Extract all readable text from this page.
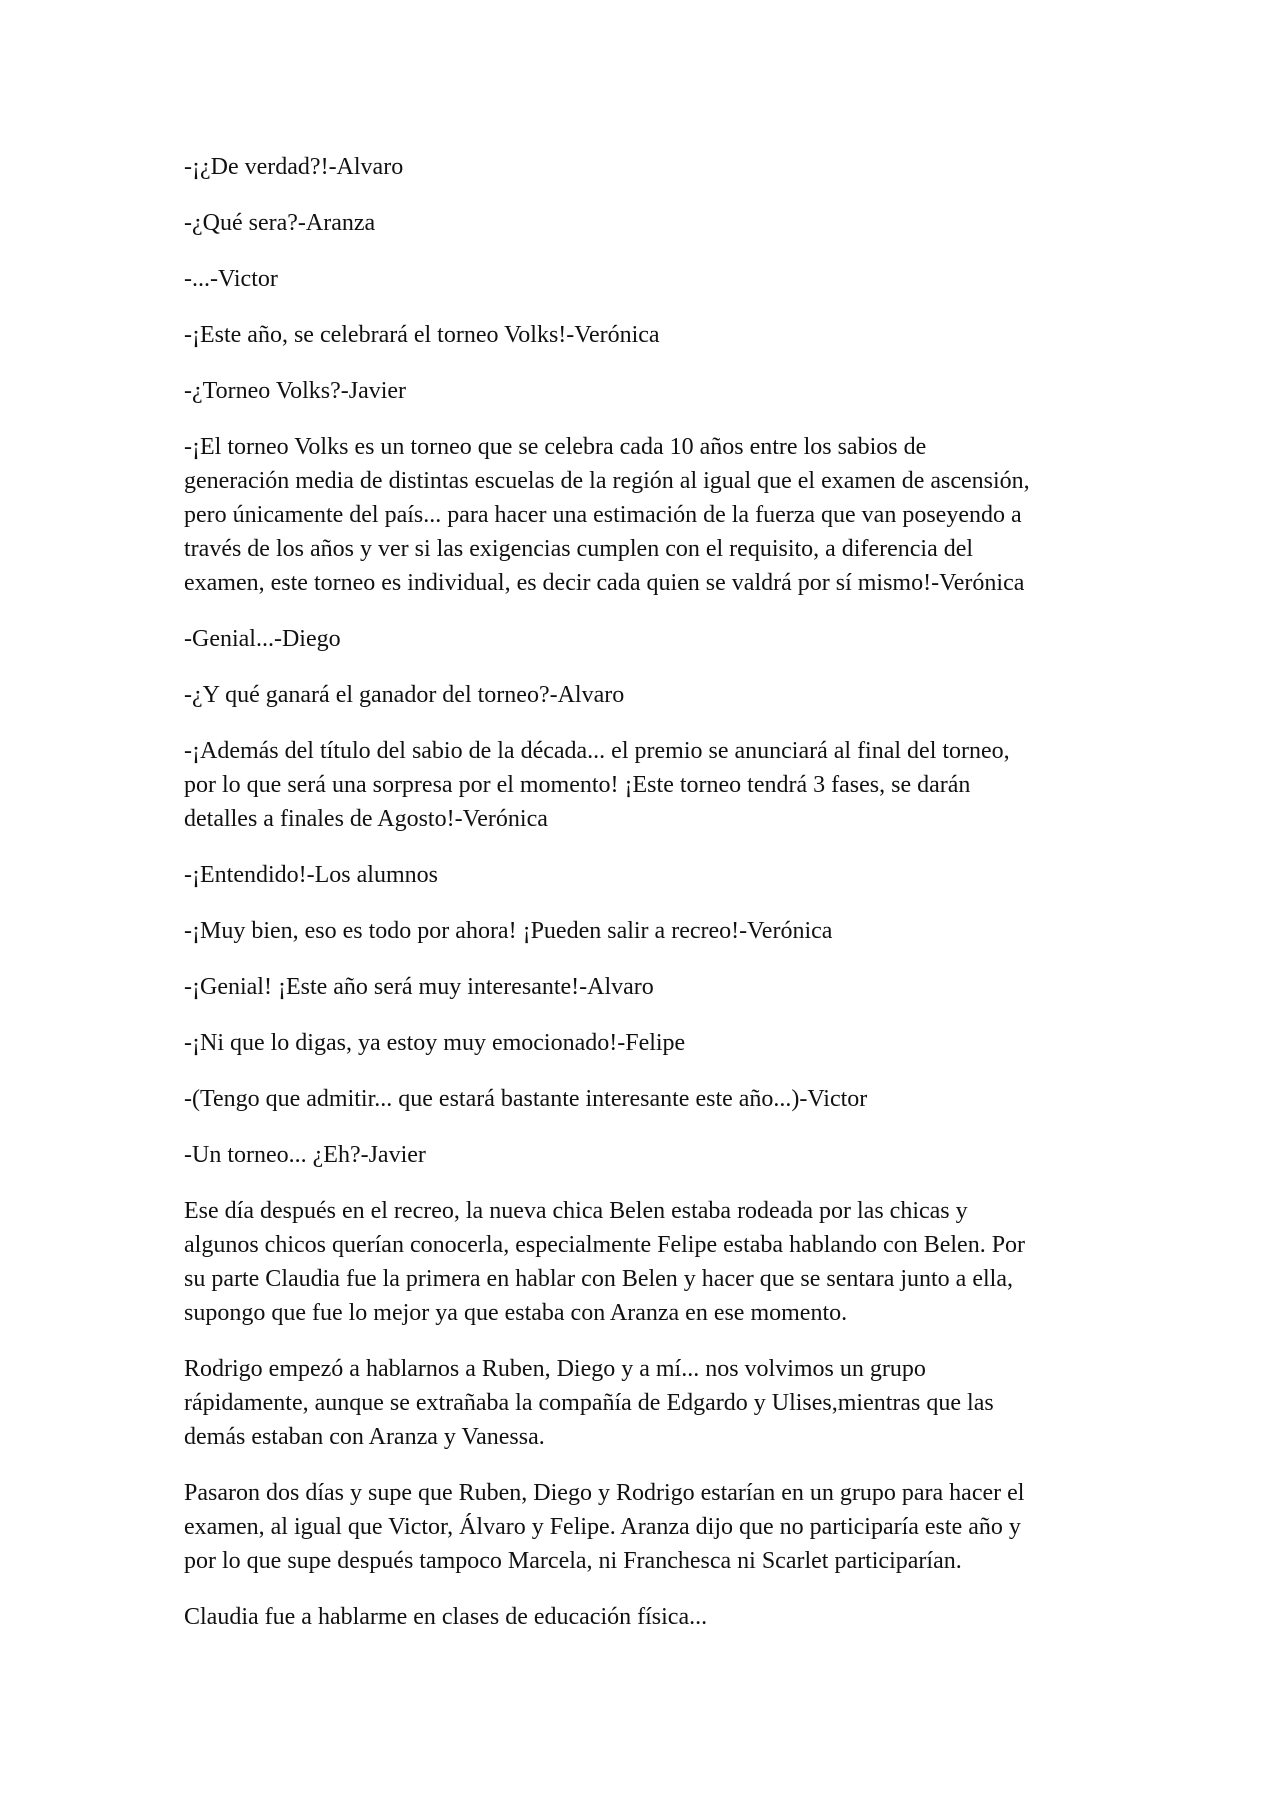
-¡¿De verdad?!-Alvaro

-¿Qué sera?-Aranza

-...-Victor

-¡Este año, se celebrará el torneo Volks!-Verónica

-¿Torneo Volks?-Javier

-¡El torneo Volks es un torneo que se celebra cada 10 años entre los sabios de
generación media de distintas escuelas de la región al igual que el examen de ascensión,
pero únicamente del país... para hacer una estimación de la fuerza que van poseyendo a
través de los años y ver si las exigencias cumplen con el requisito, a diferencia del
examen, este torneo es individual, es decir cada quien se valdrá por sí mismo!-Verónica

-Genial...-Diego

-¿Y qué ganará el ganador del torneo?-Alvaro

-¡Además del título del sabio de la década... el premio se anunciará al final del torneo,
por lo que será una sorpresa por el momento! ¡Este torneo tendrá 3 fases, se darán
detalles a finales de Agosto!-Verónica

-¡Entendido!-Los alumnos

-¡Muy bien, eso es todo por ahora! ¡Pueden salir a recreo!-Verónica

-¡Genial! ¡Este año será muy interesante!-Alvaro

-¡Ni que lo digas, ya estoy muy emocionado!-Felipe

-(Tengo que admitir... que estará bastante interesante este año...)-Victor

-Un torneo... ¿Eh?-Javier

Ese día después en el recreo, la nueva chica Belen estaba rodeada por las chicas y
algunos chicos querían conocerla, especialmente Felipe estaba hablando con Belen. Por
su parte Claudia fue la primera en hablar con Belen y hacer que se sentara junto a ella,
supongo que fue lo mejor ya que estaba con Aranza en ese momento.

Rodrigo empezó a hablarnos a Ruben, Diego y a mí... nos volvimos un grupo
rápidamente, aunque se extrañaba la compañía de Edgardo y Ulises,mientras que las
demás estaban con Aranza y Vanessa.

Pasaron dos días y supe que Ruben, Diego y Rodrigo estarían en un grupo para hacer el
examen, al igual que Victor, Álvaro y Felipe. Aranza dijo que no participaría este año y
por lo que supe después tampoco Marcela, ni Franchesca ni Scarlet participarían.

Claudia fue a hablarme en clases de educación física...
